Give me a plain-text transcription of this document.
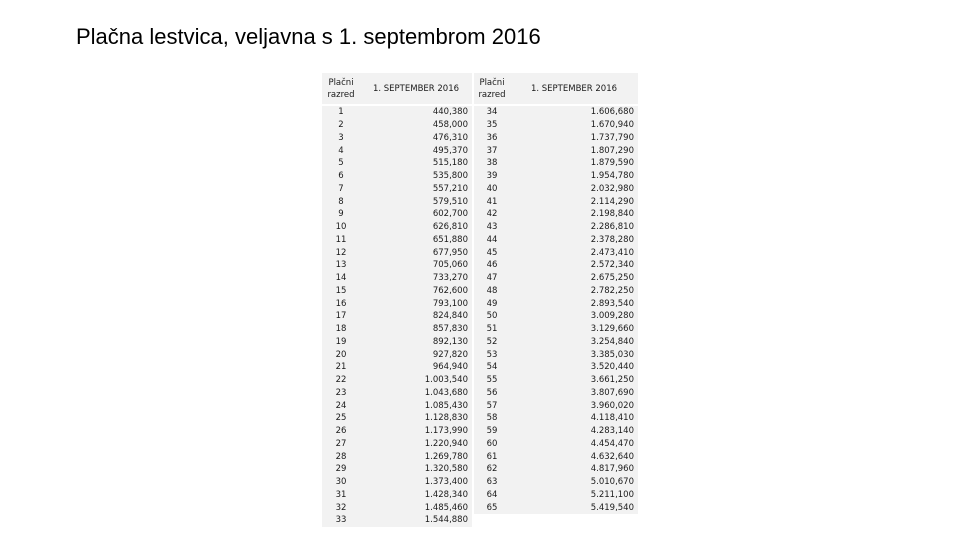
Plačna lestvica, veljavna s 1. septembrom 2016
Plačni razred	1. SEPTEMBER 2016		Plačni razred	1. SEPTEMBER 2016
1	440,380		34	1.606,680
2	458,000		35	1.670,940
3	476,310		36	1.737,790
4	495,370		37	1.807,290
5	515,180		38	1.879,590
6	535,800		39	1.954,780
7	557,210		40	2.032,980
8	579,510		41	2.114,290
9	602,700		42	2.198,840
10	626,810		43	2.286,810
11	651,880		44	2.378,280
12	677,950		45	2.473,410
13	705,060		46	2.572,340
14	733,270		47	2.675,250
15	762,600		48	2.782,250
16	793,100		49	2.893,540
17	824,840		50	3.009,280
18	857,830		51	3.129,660
19	892,130		52	3.254,840
20	927,820		53	3.385,030
21	964,940		54	3.520,440
22	1.003,540		55	3.661,250
23	1.043,680		56	3.807,690
24	1.085,430		57	3.960,020
25	1.128,830		58	4.118,410
26	1.173,990		59	4.283,140
27	1.220,940		60	4.454,470
28	1.269,780		61	4.632,640
29	1.320,580		62	4.817,960
30	1.373,400		63	5.010,670
31	1.428,340		64	5.211,100
32	1.485,460		65	5.419,540
33	1.544,880			
